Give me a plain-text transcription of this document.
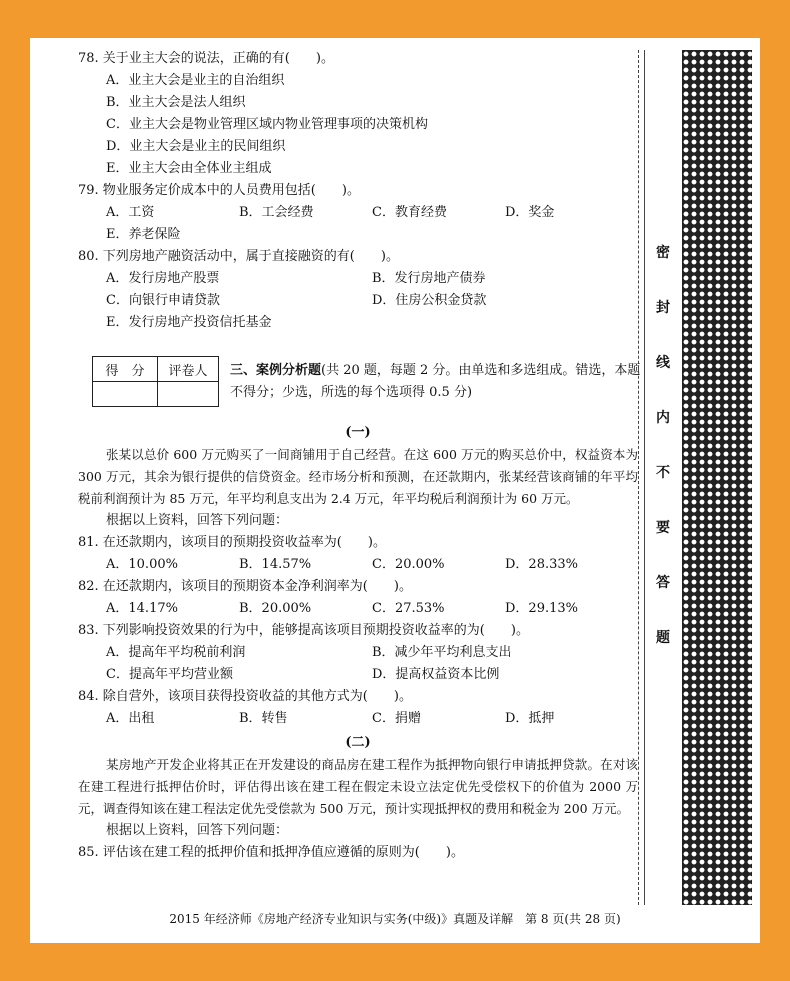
78. 关于业主大会的说法，正确的有(　　)。
A．业主大会是业主的自治组织
B．业主大会是法人组织
C．业主大会是物业管理区域内物业管理事项的决策机构
D．业主大会是业主的民间组织
E．业主大会由全体业主组成
79. 物业服务定价成本中的人员费用包括(　　)。
A．工资	B．工会经费	C．教育经费	D．奖金
E．养老保险
80. 下列房地产融资活动中，属于直接融资的有(　　)。
A．发行房地产股票	B．发行房地产债券
C．向银行申请贷款	D．住房公积金贷款
E．发行房地产投资信托基金
(一)
张某以总价 600 万元购买了一间商铺用于自己经营。在这 600 万元的购买总价中，权益资本为 300 万元，其余为银行提供的信贷资金。经市场分析和预测，在还款期内，张某经营该商铺的年平均税前利润预计为 85 万元，年平均利息支出为 2.4 万元，年平均税后利润预计为 60 万元。
根据以上资料，回答下列问题：
81. 在还款期内，该项目的预期投资收益率为(　　)。
A．10.00%	B．14.57%	C．20.00%	D．28.33%
82. 在还款期内，该项目的预期资本金净利润率为(　　)。
A．14.17%	B．20.00%	C．27.53%	D．29.13%
83. 下列影响投资效果的行为中，能够提高该项目预期投资收益率的为(　　)。
A．提高年平均税前利润	B．减少年平均利息支出
C．提高年平均营业额	D．提高权益资本比例
84. 除自营外，该项目获得投资收益的其他方式为(　　)。
A．出租	B．转售	C．捐赠	D．抵押
(二)
某房地产开发企业将其正在开发建设的商品房在建工程作为抵押物向银行申请抵押贷款。在对该在建工程进行抵押估价时，评估得出该在建工程在假定未设立法定优先受偿权下的价值为 2000 万元，调查得知该在建工程法定优先受偿款为 500 万元，预计实现抵押权的费用和税金为 200 万元。
根据以上资料，回答下列问题：
85. 评估该在建工程的抵押价值和抵押净值应遵循的原则为(　　)。
得　分	评卷人
	三、案例分析题(共 20 题，每题 2 分。由单选和多选组成。错选，本题不得分；少选，所选的每个选项得 0.5 分)
2015 年经济师《房地产经济专业知识与实务(中级)》真题及详解　第 8 页(共 28 页)
密
封
线
内
不
要
答
题
